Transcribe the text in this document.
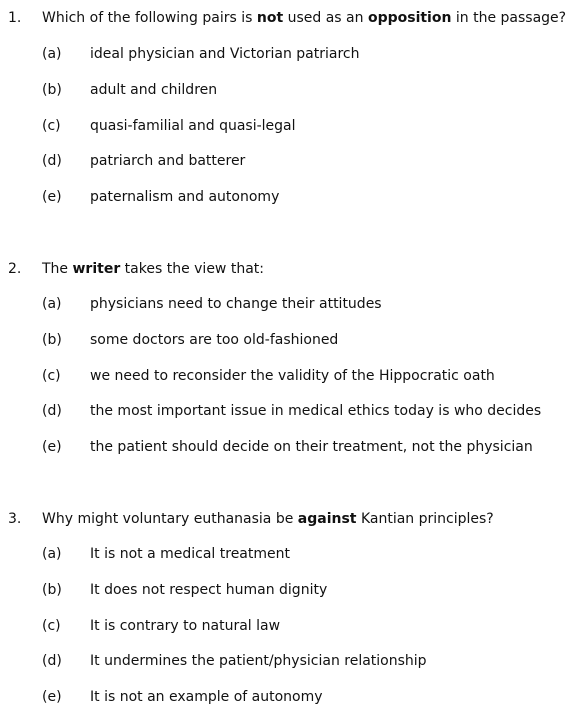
1. Which of the following pairs is not used as an opposition in the passage?
(a) ideal physician and Victorian patriarch
(b) adult and children
(c) quasi-familial and quasi-legal
(d) patriarch and batterer
(e) paternalism and autonomy
2. The writer takes the view that:
(a) physicians need to change their attitudes
(b) some doctors are too old-fashioned
(c) we need to reconsider the validity of the Hippocratic oath
(d) the most important issue in medical ethics today is who decides
(e) the patient should decide on their treatment, not the physician
3. Why might voluntary euthanasia be against Kantian principles?
(a) It is not a medical treatment
(b) It does not respect human dignity
(c) It is contrary to natural law
(d) It undermines the patient/physician relationship
(e) It is not an example of autonomy
